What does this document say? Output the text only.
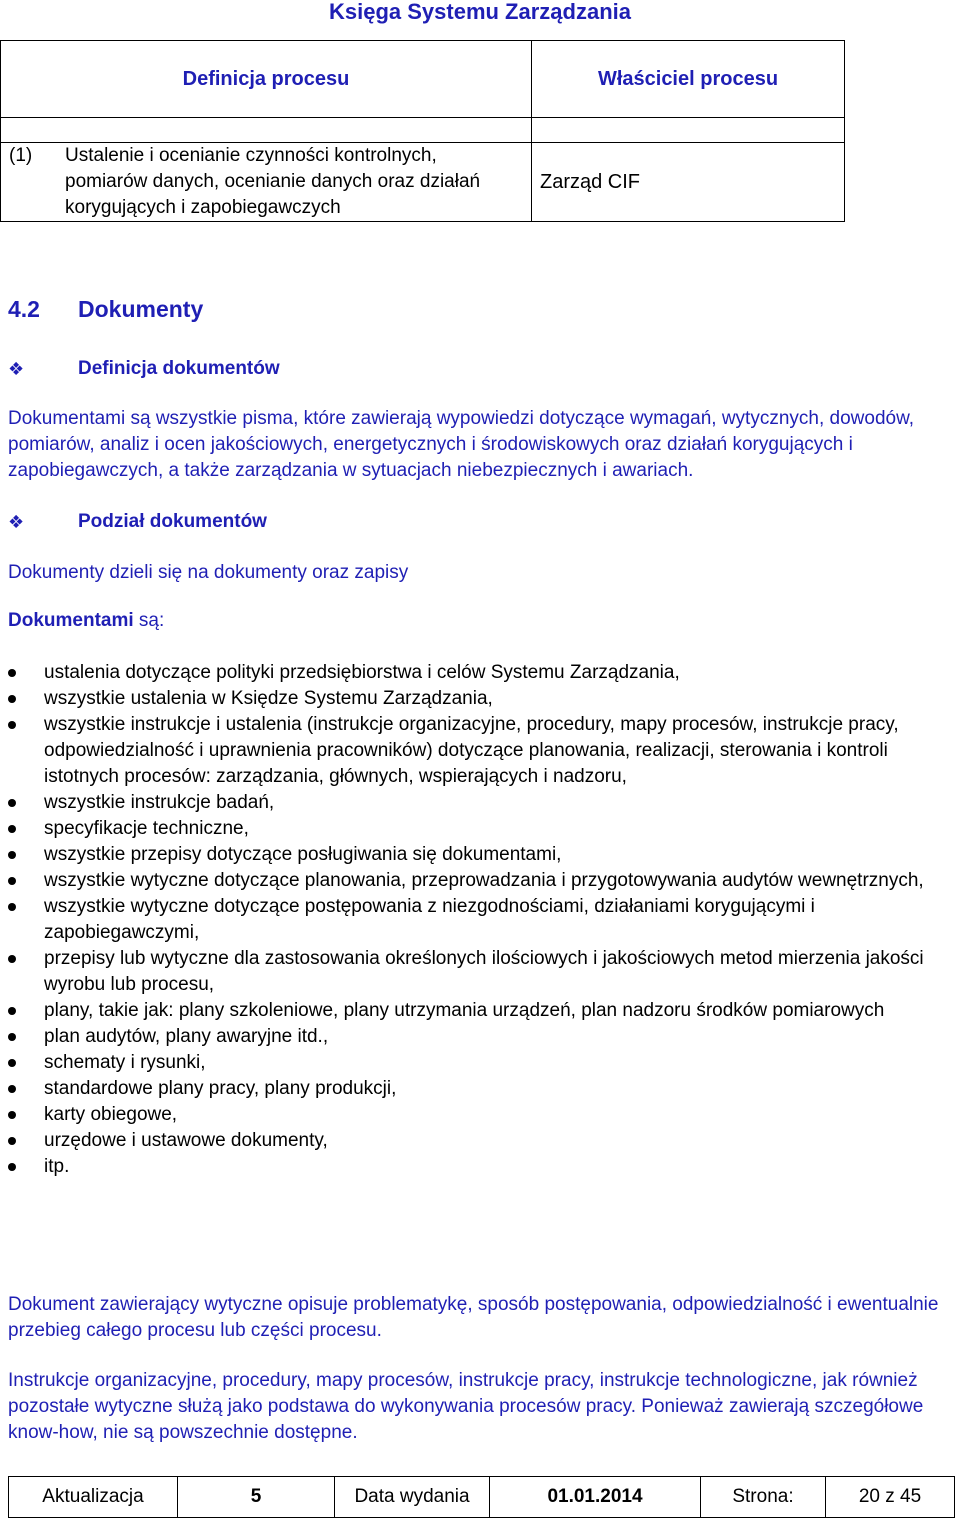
Księga Systemu Zarządzania
Definicja procesu	Właściciel procesu

(1) Ustalenie i ocenianie czynności kontrolnych, pomiarów danych, ocenianie danych oraz działań korygujących i zapobiegawczych	Zarząd CIF
4.2	Dokumenty
❖	Definicja dokumentów
Dokumentami są wszystkie pisma, które zawierają wypowiedzi dotyczące wymagań, wytycznych, dowodów, pomiarów, analiz i ocen jakościowych, energetycznych i środowiskowych oraz działań korygujących i zapobiegawczych, a także zarządzania w sytuacjach niebezpiecznych i awariach.
❖	Podział dokumentów
Dokumenty dzieli się na dokumenty oraz zapisy
Dokumentami są:
ustalenia dotyczące polityki przedsiębiorstwa i celów Systemu Zarządzania,
wszystkie ustalenia w Księdze Systemu Zarządzania,
wszystkie instrukcje i ustalenia (instrukcje organizacyjne, procedury, mapy procesów, instrukcje pracy, odpowiedzialność i uprawnienia pracowników) dotyczące planowania, realizacji, sterowania i kontroli istotnych procesów: zarządzania, głównych, wspierających i nadzoru,
wszystkie instrukcje badań,
specyfikacje techniczne,
wszystkie przepisy dotyczące posługiwania się dokumentami,
wszystkie wytyczne dotyczące planowania, przeprowadzania i przygotowywania audytów wewnętrznych,
wszystkie wytyczne dotyczące postępowania z niezgodnościami, działaniami korygującymi i zapobiegawczymi,
przepisy lub wytyczne dla zastosowania określonych ilościowych i jakościowych metod mierzenia jakości wyrobu lub procesu,
plany, takie jak: plany szkoleniowe, plany utrzymania urządzeń, plan nadzoru środków pomiarowych
plan audytów, plany awaryjne itd.,
schematy i rysunki,
standardowe plany pracy, plany produkcji,
karty obiegowe,
urzędowe i ustawowe dokumenty,
itp.
Dokument zawierający wytyczne opisuje problematykę, sposób postępowania, odpowiedzialność i ewentualnie przebieg całego procesu lub części procesu.
Instrukcje organizacyjne, procedury, mapy procesów, instrukcje pracy, instrukcje technologiczne, jak również pozostałe wytyczne służą jako podstawa do wykonywania procesów pracy. Ponieważ zawierają szczegółowe know-how, nie są powszechnie dostępne.
Aktualizacja	5	Data wydania	01.01.2014	Strona:	20 z 45
